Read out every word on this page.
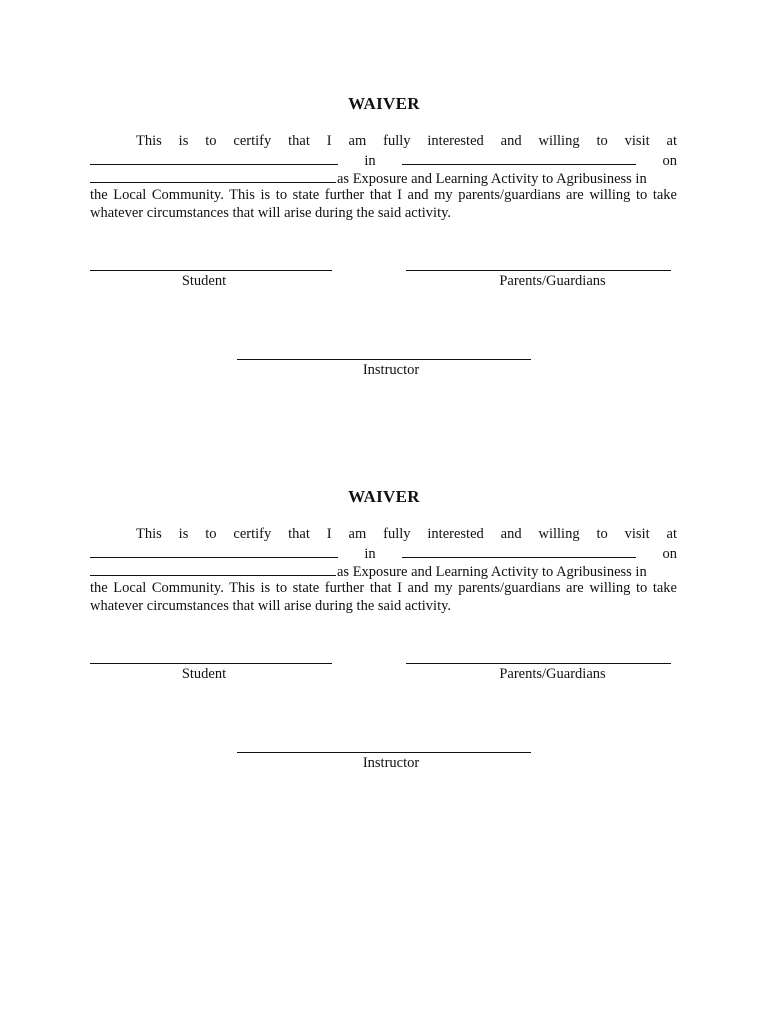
WAIVER
This is to certify that I am fully interested and willing to visit at
in	on
as Exposure and Learning Activity to Agribusiness in
the Local Community. This is to state further that I and my parents/guardians are willing to take
whatever circumstances that will arise during the said activity.
Student	Parents/Guardians
Instructor
WAIVER
This is to certify that I am fully interested and willing to visit at
in	on
as Exposure and Learning Activity to Agribusiness in
the Local Community. This is to state further that I and my parents/guardians are willing to take
whatever circumstances that will arise during the said activity.
Student	Parents/Guardians
Instructor
